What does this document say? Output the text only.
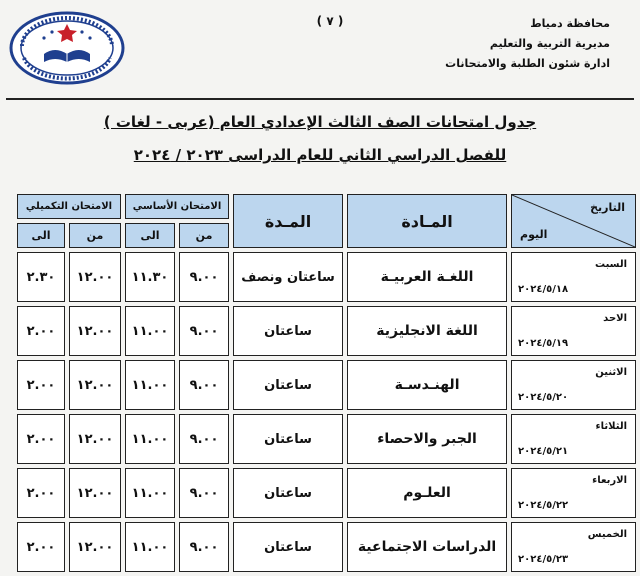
( ٧ )	محافظة دمياط
مديرية التربية والتعليم
ادارة شئون الطلبة والامتحانات
جدول امتحانات الصف الثالث الإعدادي العام (عربى - لغات )
للفصل الدراسي الثاني للعام الدراسى ٢٠٢٣ / ٢٠٢٤
التاريخ
اليوم	المـادة	المـدة	الامتحان الأساسي		الامتحان التكميلي	
			من	الى	من	الى

السبت
٢٠٢٤/٥/١٨	اللغـة العربيـة	ساعتان ونصف	٩.٠٠	١١.٣٠	١٢.٠٠	٢.٣٠

الاحد
٢٠٢٤/٥/١٩	اللغة الانجليزية	ساعتان	٩.٠٠	١١.٠٠	١٢.٠٠	٢.٠٠

الاثنين
٢٠٢٤/٥/٢٠	الهنـدسـة	ساعتان	٩.٠٠	١١.٠٠	١٢.٠٠	٢.٠٠

الثلاثاء
٢٠٢٤/٥/٢١	الجبر والاحصاء	ساعتان	٩.٠٠	١١.٠٠	١٢.٠٠	٢.٠٠

الاربعاء
٢٠٢٤/٥/٢٢	العلـوم	ساعتان	٩.٠٠	١١.٠٠	١٢.٠٠	٢.٠٠

الخميس
٢٠٢٤/٥/٢٣	الدراسات الاجتماعية	ساعتان	٩.٠٠	١١.٠٠	١٢.٠٠	٢.٠٠
